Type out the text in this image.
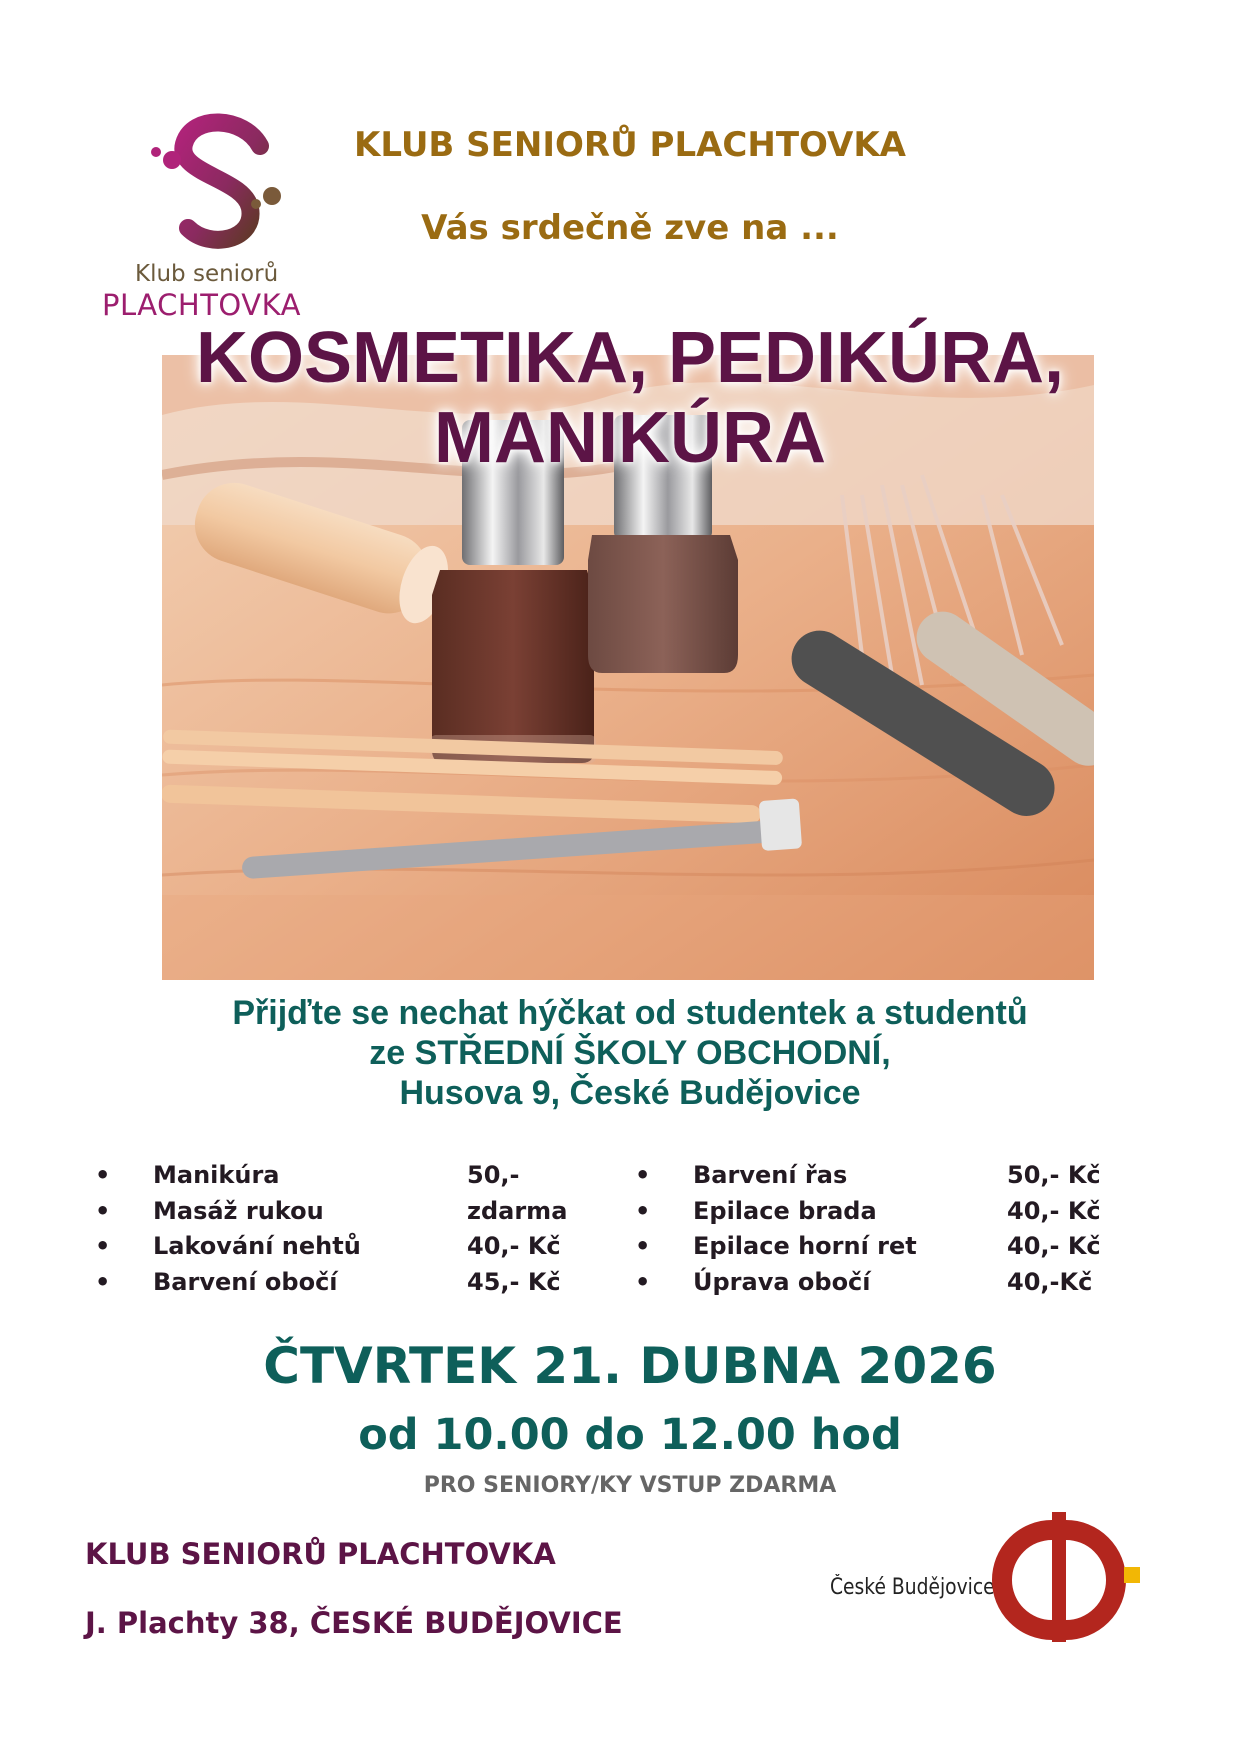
Klub seniorů
PLACHTOVKA
KLUB SENIORŮ PLACHTOVKA
Vás srdečně zve na ...
KOSMETIKA, PEDIKÚRA,
MANIKÚRA
Přijďte se nechat hýčkat od studentek a studentů
ze STŘEDNÍ ŠKOLY OBCHODNÍ,
Husova 9, České Budějovice
• Manikúra	50,-
• Masáž rukou	zdarma
• Lakování nehtů	40,- Kč
• Barvení obočí	45,- Kč
• Barvení řas	50,- Kč
• Epilace brada	40,- Kč
• Epilace horní ret	40,- Kč
• Úprava obočí	40,-Kč
ČTVRTEK 21. DUBNA 2026
od 10.00 do 12.00 hod
PRO SENIORY/KY VSTUP ZDARMA
KLUB SENIORŮ PLACHTOVKA
J. Plachty 38, ČESKÉ BUDĚJOVICE
České Budějovice
